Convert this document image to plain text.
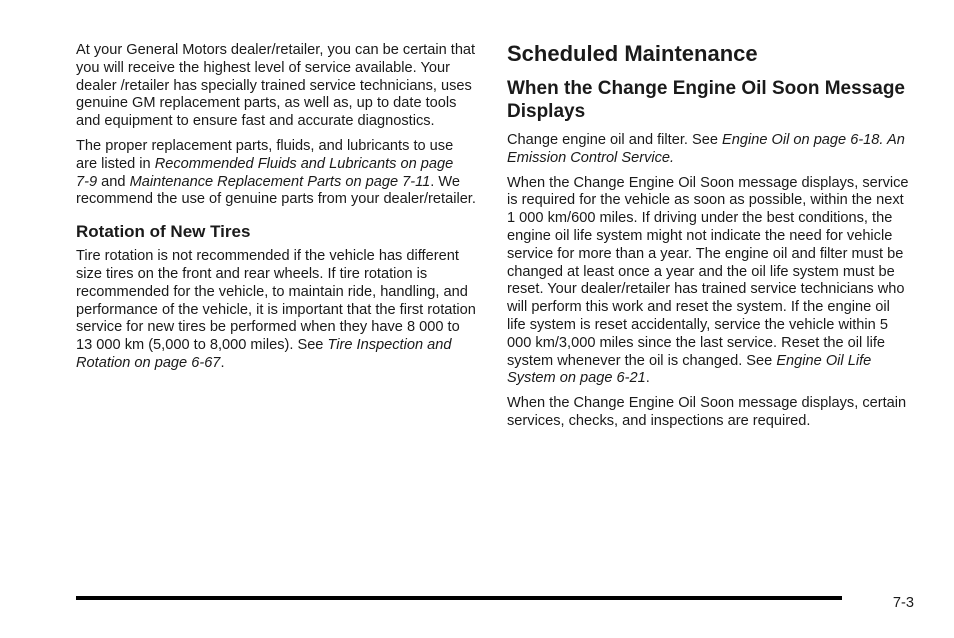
At your General Motors dealer/retailer, you can be certain that you will receive the highest level of service available. Your dealer /retailer has specially trained service technicians, uses genuine GM replacement parts, as well as, up to date tools and equipment to ensure fast and accurate diagnostics.

The proper replacement parts, fluids, and lubricants to use are listed in Recommended Fluids and Lubricants on page 7‑9 and Maintenance Replacement Parts on page 7‑11. We recommend the use of genuine parts from your dealer/retailer.

Rotation of New Tires

Tire rotation is not recommended if the vehicle has different size tires on the front and rear wheels. If tire rotation is recommended for the vehicle, to maintain ride, handling, and performance of the vehicle, it is important that the first rotation service for new tires be performed when they have 8 000 to 13 000 km (5,000 to 8,000 miles). See Tire Inspection and Rotation on page 6‑67.

Scheduled Maintenance
When the Change Engine Oil Soon Message Displays

Change engine oil and filter. See Engine Oil on page 6‑18. An Emission Control Service.

When the Change Engine Oil Soon message displays, service is required for the vehicle as soon as possible, within the next 1 000 km/600 miles. If driving under the best conditions, the engine oil life system might not indicate the need for vehicle service for more than a year. The engine oil and filter must be changed at least once a year and the oil life system must be reset. Your dealer/retailer has trained service technicians who will perform this work and reset the system. If the engine oil life system is reset accidentally, service the vehicle within 5 000 km/3,000 miles since the last service. Reset the oil life system whenever the oil is changed. See Engine Oil Life System on page 6‑21.

When the Change Engine Oil Soon message displays, certain services, checks, and inspections are required.

7-3
